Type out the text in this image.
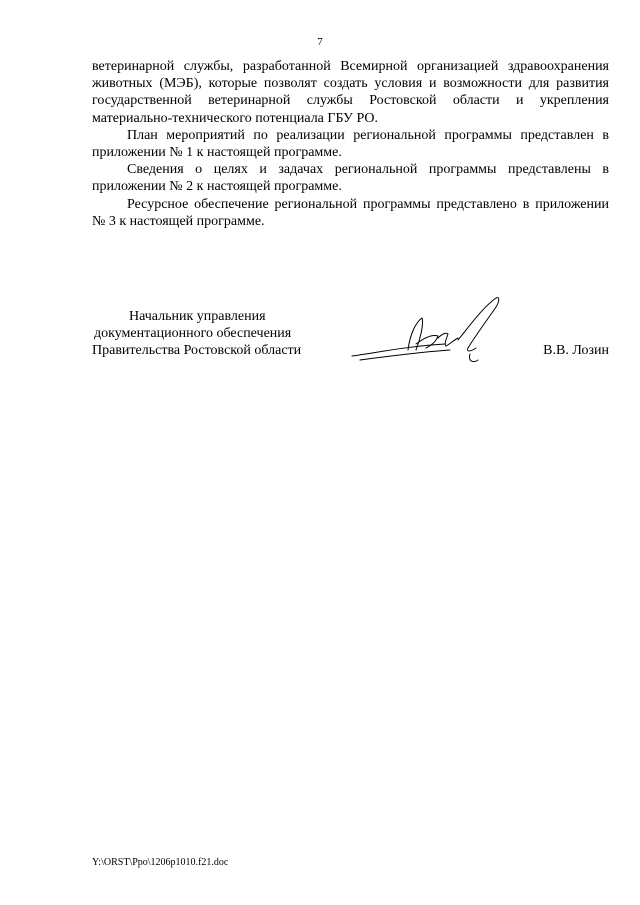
7

ветеринарной службы, разработанной Всемирной организацией здравоохранения животных (МЭБ), которые позволят создать условия и возможности для развития государственной ветеринарной службы Ростовской области и укрепления материально-технического потенциала ГБУ РО.

План мероприятий по реализации региональной программы представлен в приложении № 1 к настоящей программе.

Сведения о целях и задачах региональной программы представлены в приложении № 2 к настоящей программе.

Ресурсное обеспечение региональной программы представлено в приложении № 3 к настоящей программе.

Начальник управления
документационного обеспечения
Правительства Ростовской области	В.В. Лозин
Y:\ORST\Ppo\1206p1010.f21.doc
